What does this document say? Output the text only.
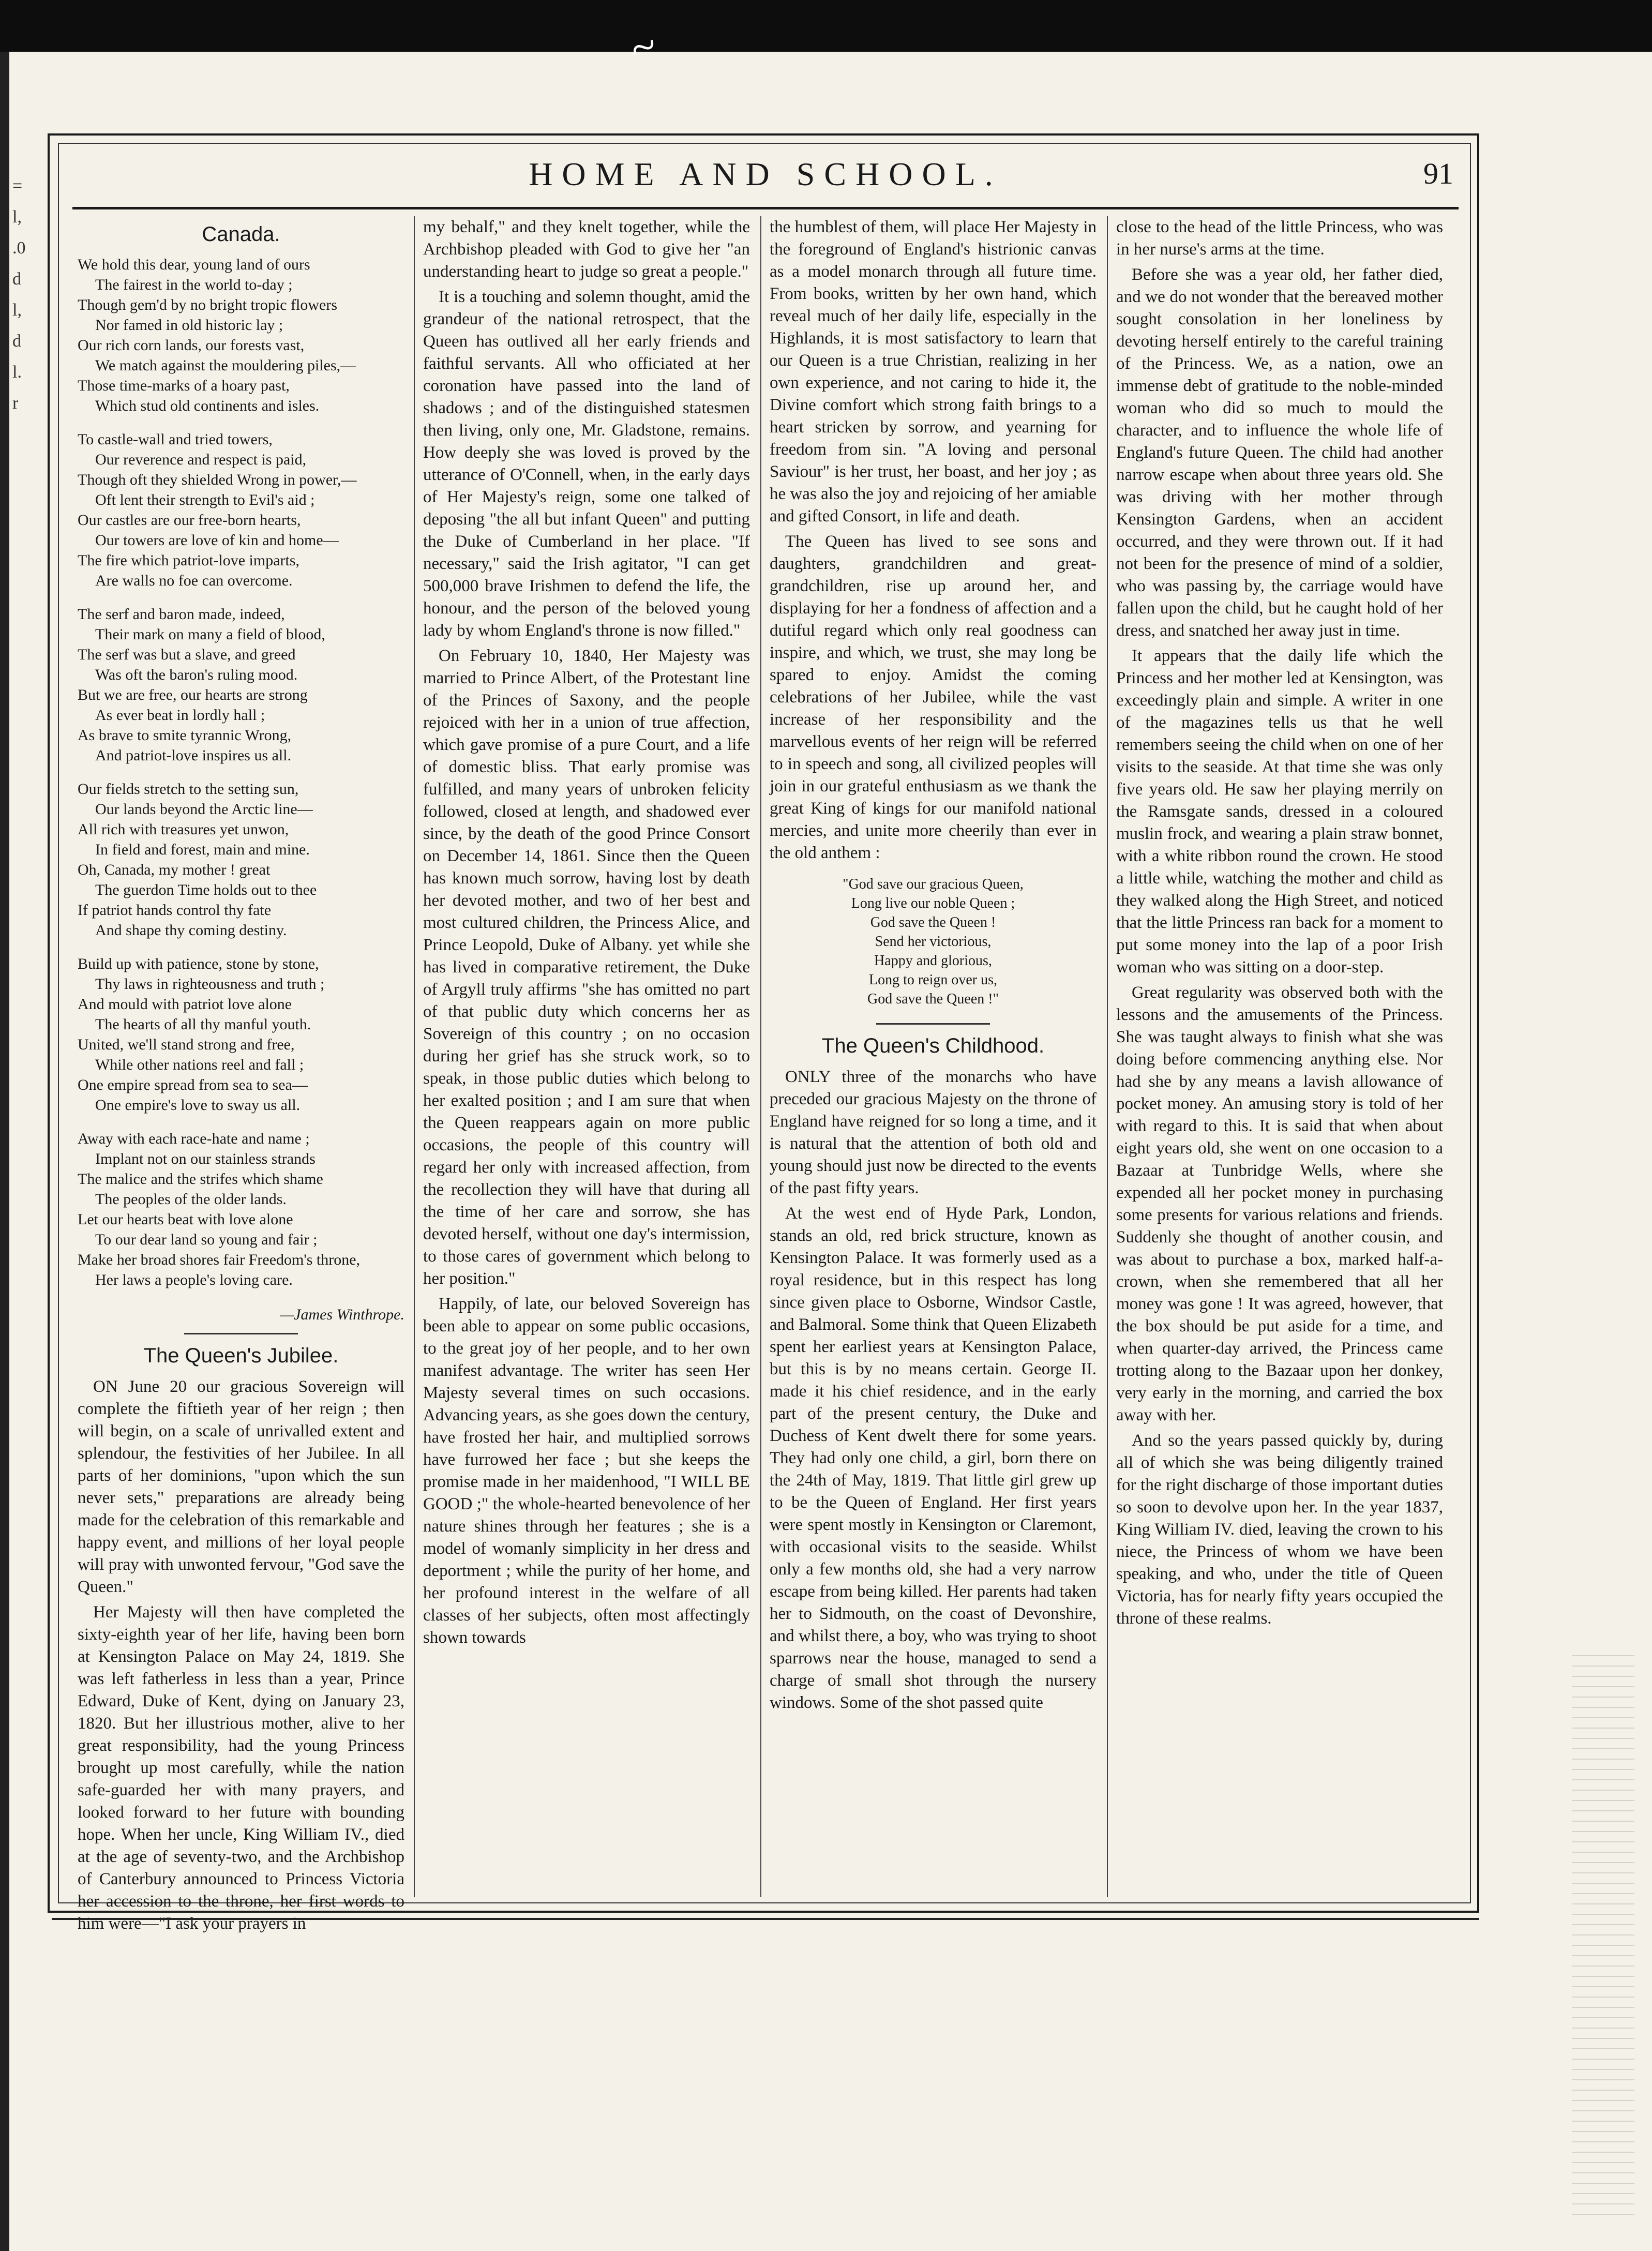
~
=
l,
.0
d
l,
d
l.
r
HOME AND SCHOOL.	91
Canada.

We hold this dear, young land of ours

The fairest in the world to-day ;

Though gem'd by no bright tropic flowers

Nor famed in old historic lay ;

Our rich corn lands, our forests vast,

We match against the mouldering piles,—

Those time-marks of a hoary past,

Which stud old continents and isles.

To castle-wall and tried towers,

Our reverence and respect is paid,

Though oft they shielded Wrong in power,—

Oft lent their strength to Evil's aid ;

Our castles are our free-born hearts,

Our towers are love of kin and home—

The fire which patriot-love imparts,

Are walls no foe can overcome.

The serf and baron made, indeed,

Their mark on many a field of blood,

The serf was but a slave, and greed

Was oft the baron's ruling mood.

But we are free, our hearts are strong

As ever beat in lordly hall ;

As brave to smite tyrannic Wrong,

And patriot-love inspires us all.

Our fields stretch to the setting sun,

Our lands beyond the Arctic line—

All rich with treasures yet unwon,

In field and forest, main and mine.

Oh, Canada, my mother ! great

The guerdon Time holds out to thee

If patriot hands control thy fate

And shape thy coming destiny.

Build up with patience, stone by stone,

Thy laws in righteousness and truth ;

And mould with patriot love alone

The hearts of all thy manful youth.

United, we'll stand strong and free,

While other nations reel and fall ;

One empire spread from sea to sea—

One empire's love to sway us all.

Away with each race-hate and name ;

Implant not on our stainless strands

The malice and the strifes which shame

The peoples of the older lands.

Let our hearts beat with love alone

To our dear land so young and fair ;

Make her broad shores fair Freedom's throne,

Her laws a people's loving care.

—James Winthrope.

The Queen's Jubilee.

ON June 20 our gracious Sovereign will complete the fiftieth year of her reign ; then will begin, on a scale of unrivalled extent and splendour, the festivities of her Jubilee. In all parts of her dominions, "upon which the sun never sets," preparations are already being made for the celebration of this remarkable and happy event, and millions of her loyal people will pray with unwonted fervour, "God save the Queen."

Her Majesty will then have completed the sixty-eighth year of her life, having been born at Kensington Palace on May 24, 1819. She was left fatherless in less than a year, Prince Edward, Duke of Kent, dying on January 23, 1820. But her illustrious mother, alive to her great responsibility, had the young Princess brought up most carefully, while the nation safe-guarded her with many prayers, and looked forward to her future with bounding hope. When her uncle, King William IV., died at the age of seventy-two, and the Archbishop of Canterbury announced to Princess Victoria her accession to the throne, her first words to him were—"I ask your prayers in

my behalf," and they knelt together, while the Archbishop pleaded with God to give her "an understanding heart to judge so great a people."

It is a touching and solemn thought, amid the grandeur of the national retrospect, that the Queen has outlived all her early friends and faithful servants. All who officiated at her coronation have passed into the land of shadows ; and of the distinguished statesmen then living, only one, Mr. Gladstone, remains. How deeply she was loved is proved by the utterance of O'Connell, when, in the early days of Her Majesty's reign, some one talked of deposing "the all but infant Queen" and putting the Duke of Cumberland in her place. "If necessary," said the Irish agitator, "I can get 500,000 brave Irishmen to defend the life, the honour, and the person of the beloved young lady by whom England's throne is now filled."

On February 10, 1840, Her Majesty was married to Prince Albert, of the Protestant line of the Princes of Saxony, and the people rejoiced with her in a union of true affection, which gave promise of a pure Court, and a life of domestic bliss. That early promise was fulfilled, and many years of unbroken felicity followed, closed at length, and shadowed ever since, by the death of the good Prince Consort on December 14, 1861. Since then the Queen has known much sorrow, having lost by death her devoted mother, and two of her best and most cultured children, the Princess Alice, and Prince Leopold, Duke of Albany. yet while she has lived in comparative retirement, the Duke of Argyll truly affirms "she has omitted no part of that public duty which concerns her as Sovereign of this country ; on no occasion during her grief has she struck work, so to speak, in those public duties which belong to her exalted position ; and I am sure that when the Queen reappears again on more public occasions, the people of this country will regard her only with increased affection, from the recollection they will have that during all the time of her care and sorrow, she has devoted herself, without one day's intermission, to those cares of government which belong to her position."

Happily, of late, our beloved Sovereign has been able to appear on some public occasions, to the great joy of her people, and to her own manifest advantage. The writer has seen Her Majesty several times on such occasions. Advancing years, as she goes down the century, have frosted her hair, and multiplied sorrows have furrowed her face ; but she keeps the promise made in her maidenhood, "I WILL BE GOOD ;" the whole-hearted benevolence of her nature shines through her features ; she is a model of womanly simplicity in her dress and deportment ; while the purity of her home, and her profound interest in the welfare of all classes of her subjects, often most affectingly shown towards

the humblest of them, will place Her Majesty in the foreground of England's histrionic canvas as a model monarch through all future time. From books, written by her own hand, which reveal much of her daily life, especially in the Highlands, it is most satisfactory to learn that our Queen is a true Christian, realizing in her own experience, and not caring to hide it, the Divine comfort which strong faith brings to a heart stricken by sorrow, and yearning for freedom from sin. "A loving and personal Saviour" is her trust, her boast, and her joy ; as he was also the joy and rejoicing of her amiable and gifted Consort, in life and death.

The Queen has lived to see sons and daughters, grandchildren and great-grandchildren, rise up around her, and displaying for her a fondness of affection and a dutiful regard which only real goodness can inspire, and which, we trust, she may long be spared to enjoy. Amidst the coming celebrations of her Jubilee, while the vast increase of her responsibility and the marvellous events of her reign will be referred to in speech and song, all civilized peoples will join in our grateful enthusiasm as we thank the great King of kings for our manifold national mercies, and unite more cheerily than ever in the old anthem :

"God save our gracious Queen,

Long live our noble Queen ;

God save the Queen !

Send her victorious,

Happy and glorious,

Long to reign over us,

God save the Queen !"

The Queen's Childhood.

ONLY three of the monarchs who have preceded our gracious Majesty on the throne of England have reigned for so long a time, and it is natural that the attention of both old and young should just now be directed to the events of the past fifty years.

At the west end of Hyde Park, London, stands an old, red brick structure, known as Kensington Palace. It was formerly used as a royal residence, but in this respect has long since given place to Osborne, Windsor Castle, and Balmoral. Some think that Queen Elizabeth spent her earliest years at Kensington Palace, but this is by no means certain. George II. made it his chief residence, and in the early part of the present century, the Duke and Duchess of Kent dwelt there for some years. They had only one child, a girl, born there on the 24th of May, 1819. That little girl grew up to be the Queen of England. Her first years were spent mostly in Kensington or Claremont, with occasional visits to the seaside. Whilst only a few months old, she had a very narrow escape from being killed. Her parents had taken her to Sidmouth, on the coast of Devonshire, and whilst there, a boy, who was trying to shoot sparrows near the house, managed to send a charge of small shot through the nursery windows. Some of the shot passed quite

close to the head of the little Princess, who was in her nurse's arms at the time.

Before she was a year old, her father died, and we do not wonder that the bereaved mother sought consolation in her loneliness by devoting herself entirely to the careful training of the Princess. We, as a nation, owe an immense debt of gratitude to the noble-minded woman who did so much to mould the character, and to influence the whole life of England's future Queen. The child had another narrow escape when about three years old. She was driving with her mother through Kensington Gardens, when an accident occurred, and they were thrown out. If it had not been for the presence of mind of a soldier, who was passing by, the carriage would have fallen upon the child, but he caught hold of her dress, and snatched her away just in time.

It appears that the daily life which the Princess and her mother led at Kensington, was exceedingly plain and simple. A writer in one of the magazines tells us that he well remembers seeing the child when on one of her visits to the seaside. At that time she was only five years old. He saw her playing merrily on the Ramsgate sands, dressed in a coloured muslin frock, and wearing a plain straw bonnet, with a white ribbon round the crown. He stood a little while, watching the mother and child as they walked along the High Street, and noticed that the little Princess ran back for a moment to put some money into the lap of a poor Irish woman who was sitting on a door-step.

Great regularity was observed both with the lessons and the amusements of the Princess. She was taught always to finish what she was doing before commencing anything else. Nor had she by any means a lavish allowance of pocket money. An amusing story is told of her with regard to this. It is said that when about eight years old, she went on one occasion to a Bazaar at Tunbridge Wells, where she expended all her pocket money in purchasing some presents for various relations and friends. Suddenly she thought of another cousin, and was about to purchase a box, marked half-a-crown, when she remembered that all her money was gone ! It was agreed, however, that the box should be put aside for a time, and when quarter-day arrived, the Princess came trotting along to the Bazaar upon her donkey, very early in the morning, and carried the box away with her.

And so the years passed quickly by, during all of which she was being diligently trained for the right discharge of those important duties so soon to devolve upon her. In the year 1837, King William IV. died, leaving the crown to his niece, the Princess of whom we have been speaking, and who, under the title of Queen Victoria, has for nearly fifty years occupied the throne of these realms.
